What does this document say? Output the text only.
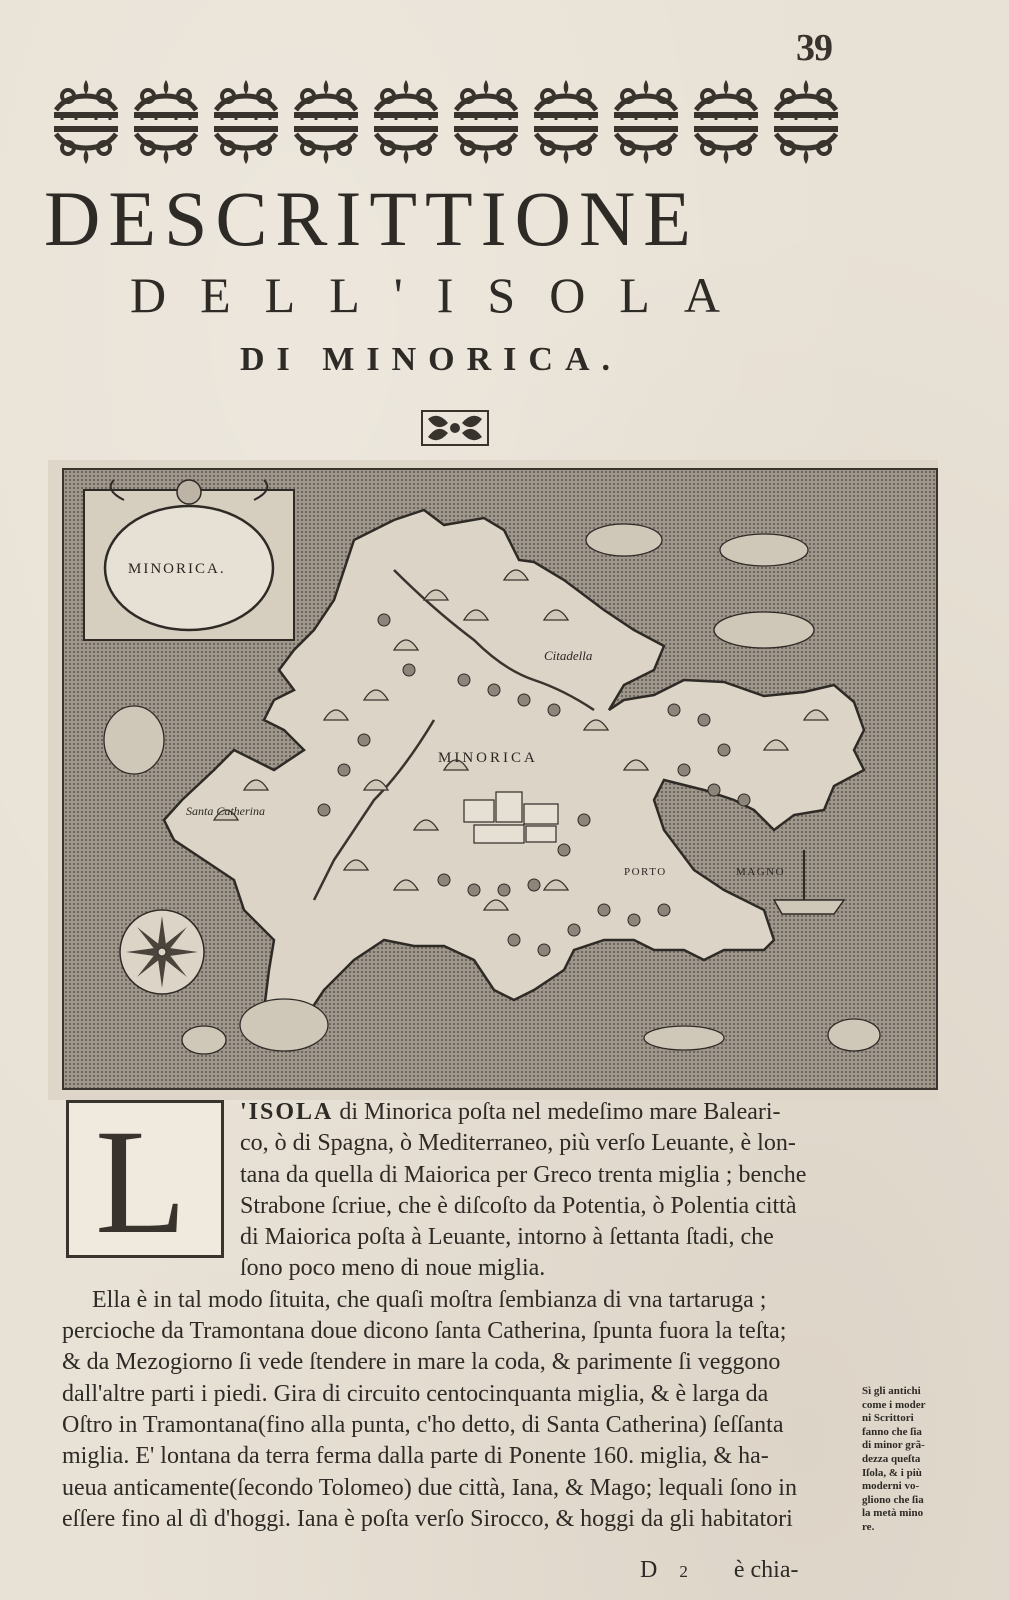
39
DESCRITTIONE
DELL'ISOLA
DI MINORICA.
MINORICA.
MINORICA
Citadella
Santa Catherina
PORTO	MAGNO
L	'ISOLA di Minorica poſta nel medeſimo mare Baleari-
co, ò di Spagna, ò Mediterraneo, più verſo Leuante, è lon-
tana da quella di Maiorica per Greco trenta miglia ; benche
Strabone ſcriue, che è diſcoſto da Potentia, ò Polentia città
di Maiorica poſta à Leuante, intorno à ſettanta ſtadi, che
ſono poco meno di noue miglia.
Ella è in tal modo ſituita, che quaſi moſtra ſembianza di vna tartaruga ;
percioche da Tramontana doue dicono ſanta Catherina, ſpunta fuora la teſta;
& da Mezogiorno ſi vede ſtendere in mare la coda, & parimente ſi veggono
dall'altre parti i piedi. Gira di circuito centocinquanta miglia, & è larga da
Oſtro in Tramontana(fino alla punta, c'ho detto, di Santa Catherina) ſeſſanta
miglia. E' lontana da terra ferma dalla parte di Ponente 160. miglia, & ha-
ueua anticamente(ſecondo Tolomeo) due città, Iana, & Mago; lequali ſono in
eſſere fino al dì d'hoggi. Iana è poſta verſo Sirocco, & hoggi da gli habitatori
Sì gli antichi
come i moder
ni Scrittori
fanno che ſia
di minor grã-
dezza queſta
Iſola, & i più
moderni vo-
gliono che ſia
la metà mino
re.
D 2 è chia-
